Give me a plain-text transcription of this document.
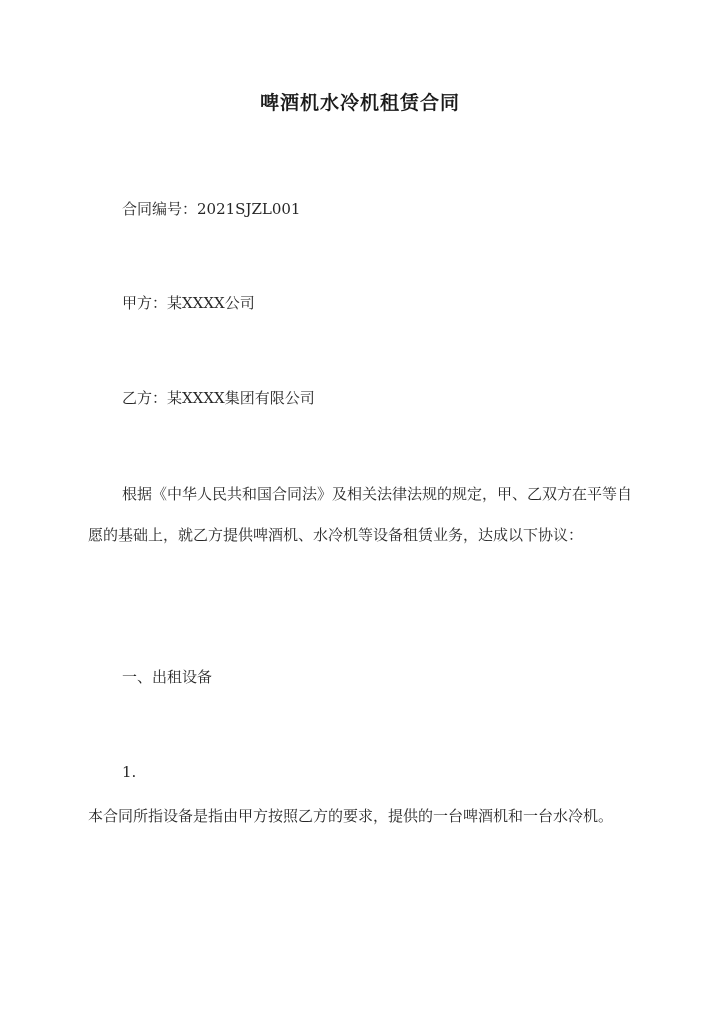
啤酒机水冷机租赁合同
合同编号：2021SJZL001
甲方：某XXXX公司
乙方：某XXXX集团有限公司
根据《中华人民共和国合同法》及相关法律法规的规定，甲、乙双方在平等自愿的基础上，就乙方提供啤酒机、水冷机等设备租赁业务，达成以下协议：
一、出租设备
1.
本合同所指设备是指由甲方按照乙方的要求，提供的一台啤酒机和一台水冷机。
